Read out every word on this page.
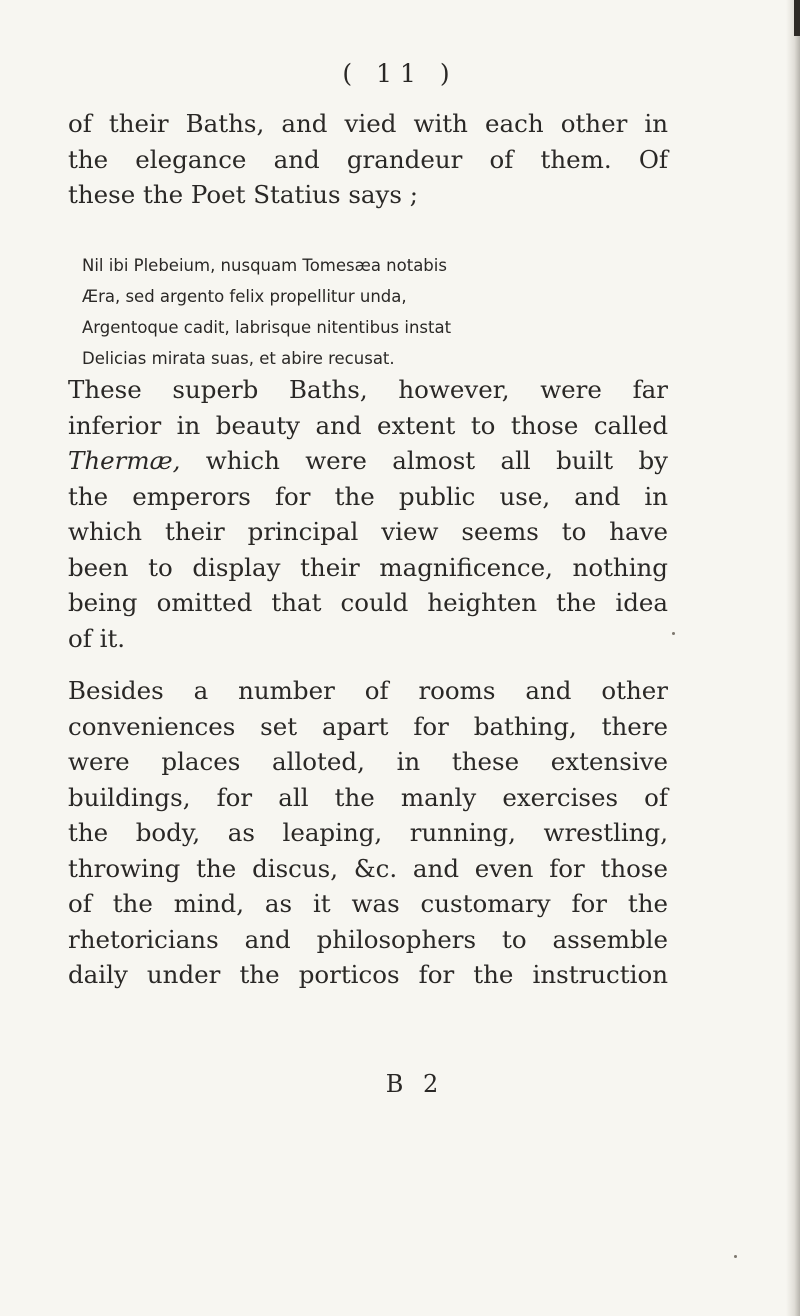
( 11 )

of their Baths, and vied with each other in
the elegance and grandeur of them. Of
these the Poet Statius says ;

Nil ibi Plebeium, nusquam Tomesæa notabis
Æra, sed argento felix propellitur unda,
Argentoque cadit, labrisque nitentibus instat
Delicias mirata suas, et abire recusat.

These superb Baths, however, were far
inferior in beauty and extent to those called
Thermæ, which were almost all built by
the emperors for the public use, and in
which their principal view seems to have
been to display their magnificence, nothing
being omitted that could heighten the idea
of it.

Besides a number of rooms and other
conveniences set apart for bathing, there
were places alloted, in these extensive
buildings, for all the manly exercises of
the body, as leaping, running, wrestling,
throwing the discus, &c. and even for those
of the mind, as it was customary for the
rhetoricians and philosophers to assemble
daily under the porticos for the instruction

B 2
